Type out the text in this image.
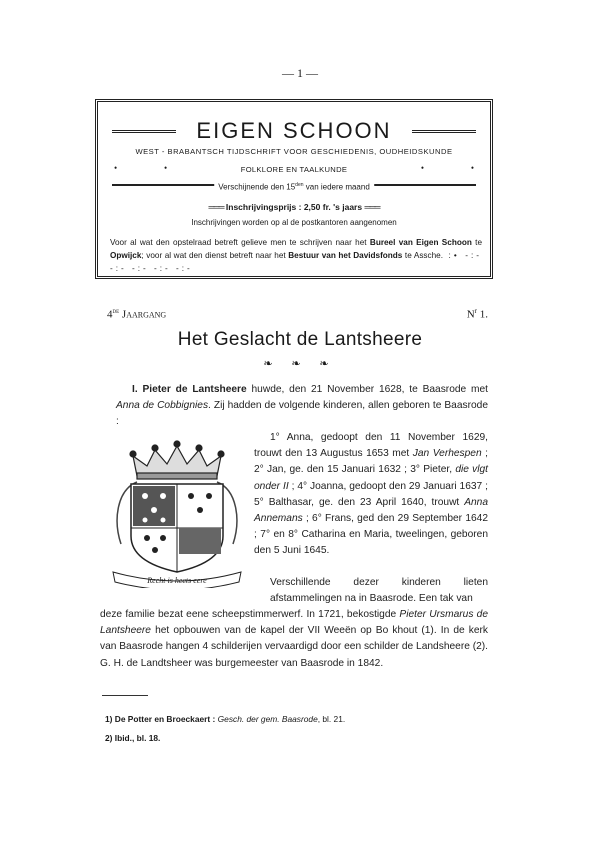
— 1 —
EIGEN SCHOON
WEST - BRABANTSCH TIJDSCHRIFT VOOR GESCHIEDENIS, OUDHEIDSKUNDE
•	•	•	•
FOLKLORE EN TAALKUNDE
Verschijnende den $15^{den}$ van iedere maand
═══ Inschrijvingsprijs : 2,50 fr. 's jaars ═══
Inschrijvingen worden op al de postkantoren aangenomen
Voor al wat den opstelraad betreft gelieve men te schrijven naar het Bureel van Eigen Schoon te Opwijck; voor al wat den dienst betreft naar het Bestuur van het Davidsfonds te Assche. :• -:- -:- -:- -:- -:-
4de Jaargang	$N^r$ 1.
Het Geslacht de Lantsheere
❧ ❧ ❧
I. Pieter de Lantsheere huwde, den 21 November 1628, te Baasrode met Anna de Cobbignies. Zij hadden de volgende kinderen, allen geboren te Baasrode :
Recht is heets eere
1° Anna, gedoopt den 11 November 1629, trouwt den 13 Augustus 1653 met Jan Verhespen ; 2° Jan, ge. den 15 Januari 1632 ; 3° Pieter, die vlgt onder II ; 4° Joanna, gedoopt den 29 Januari 1637 ; 5° Balthasar, ge. den 23 April 1640, trouwt Anna Annemans ; 6° Frans, ged den 29 September 1642 ; 7° en 8° Catharina en Maria, tweelingen, geboren den 5 Juni 1645.
Verschillende dezer kinderen lieten afstammelingen na in Baasrode. Een tak van
deze familie bezat eene scheepstimmerwerf. In 1721, bekostigde Pieter Ursmarus de Lantsheere het opbouwen van de kapel der VII Weeën op Bo khout (1). In de kerk van Baasrode hangen 4 schilderijen vervaardigd door een schilder de Landsheere (2). G. H. de Landtsheer was burgemeester van Baasrode in 1842.
1) De Potter en Broeckaert : Gesch. der gem. Baasrode, bl. 21.
2) Ibid., bl. 18.
